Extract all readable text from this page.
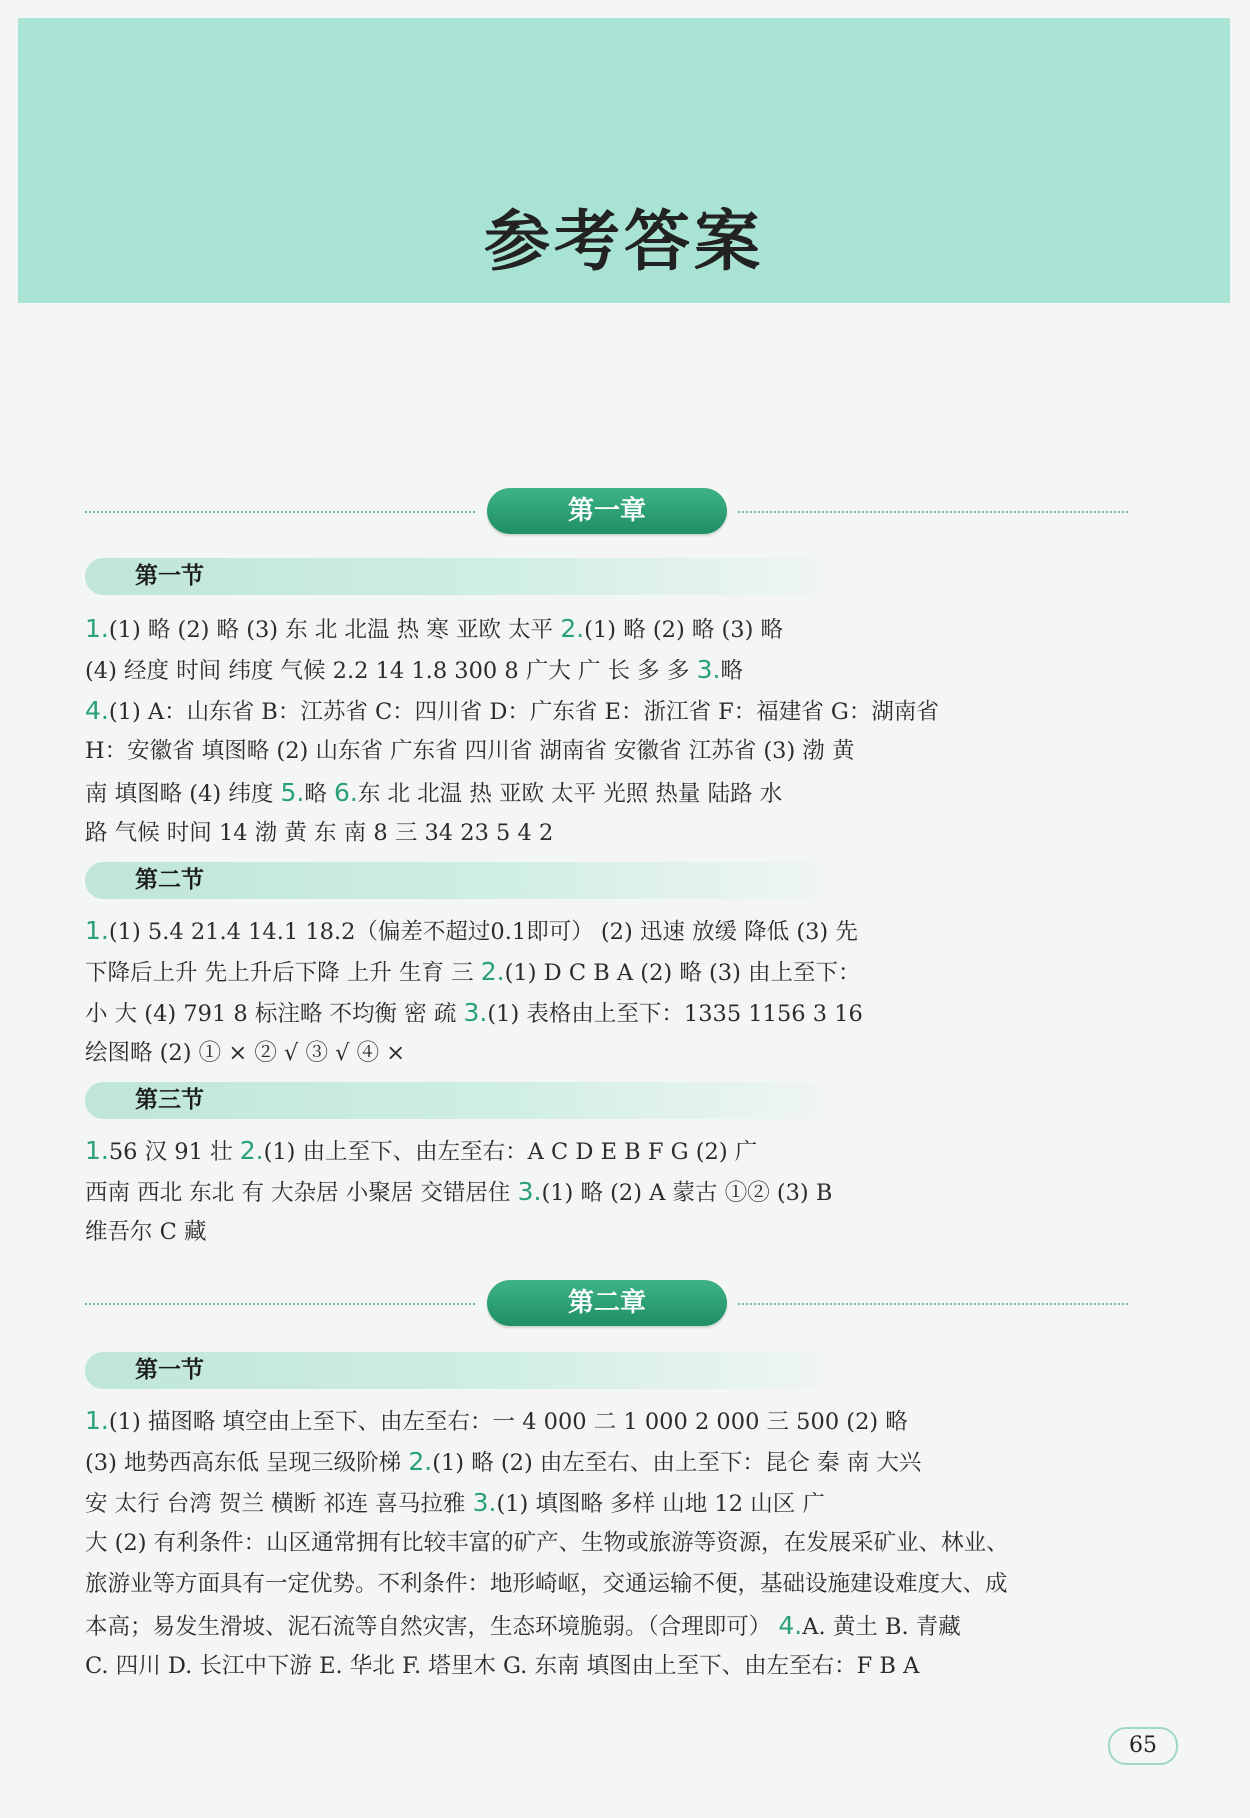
参考答案
第一章
第一节
1.(1) 略 (2) 略 (3) 东 北 北温 热 寒 亚欧 太平 2.(1) 略 (2) 略 (3) 略
(4) 经度 时间 纬度 气候 2.2 14 1.8 300 8 广大 广 长 多 多 3.略
4.(1) A：山东省 B：江苏省 C：四川省 D：广东省 E：浙江省 F：福建省 G：湖南省
H：安徽省 填图略 (2) 山东省 广东省 四川省 湖南省 安徽省 江苏省 (3) 渤 黄
南 填图略 (4) 纬度 5.略 6.东 北 北温 热 亚欧 太平 光照 热量 陆路 水
路 气候 时间 14 渤 黄 东 南 8 三 34 23 5 4 2
第二节
1.(1) 5.4 21.4 14.1 18.2（偏差不超过0.1即可） (2) 迅速 放缓 降低 (3) 先
下降后上升 先上升后下降 上升 生育 三 2.(1) D C B A (2) 略 (3) 由上至下：
小 大 (4) 791 8 标注略 不均衡 密 疏 3.(1) 表格由上至下：1335 1156 3 16
绘图略 (2) ① × ② √ ③ √ ④ ×
第三节
1.56 汉 91 壮 2.(1) 由上至下、由左至右：A C D E B F G (2) 广
西南 西北 东北 有 大杂居 小聚居 交错居住 3.(1) 略 (2) A 蒙古 ①② (3) B
维吾尔 C 藏
第二章
第一节
1.(1) 描图略 填空由上至下、由左至右：一 4 000 二 1 000 2 000 三 500 (2) 略
(3) 地势西高东低 呈现三级阶梯 2.(1) 略 (2) 由左至右、由上至下：昆仑 秦 南 大兴
安 太行 台湾 贺兰 横断 祁连 喜马拉雅 3.(1) 填图略 多样 山地 12 山区 广
大 (2) 有利条件：山区通常拥有比较丰富的矿产、生物或旅游等资源，在发展采矿业、林业、
旅游业等方面具有一定优势。不利条件：地形崎岖，交通运输不便，基础设施建设难度大、成
本高；易发生滑坡、泥石流等自然灾害，生态环境脆弱。（合理即可） 4.A. 黄土 B. 青藏
C. 四川 D. 长江中下游 E. 华北 F. 塔里木 G. 东南 填图由上至下、由左至右：F B A
65
